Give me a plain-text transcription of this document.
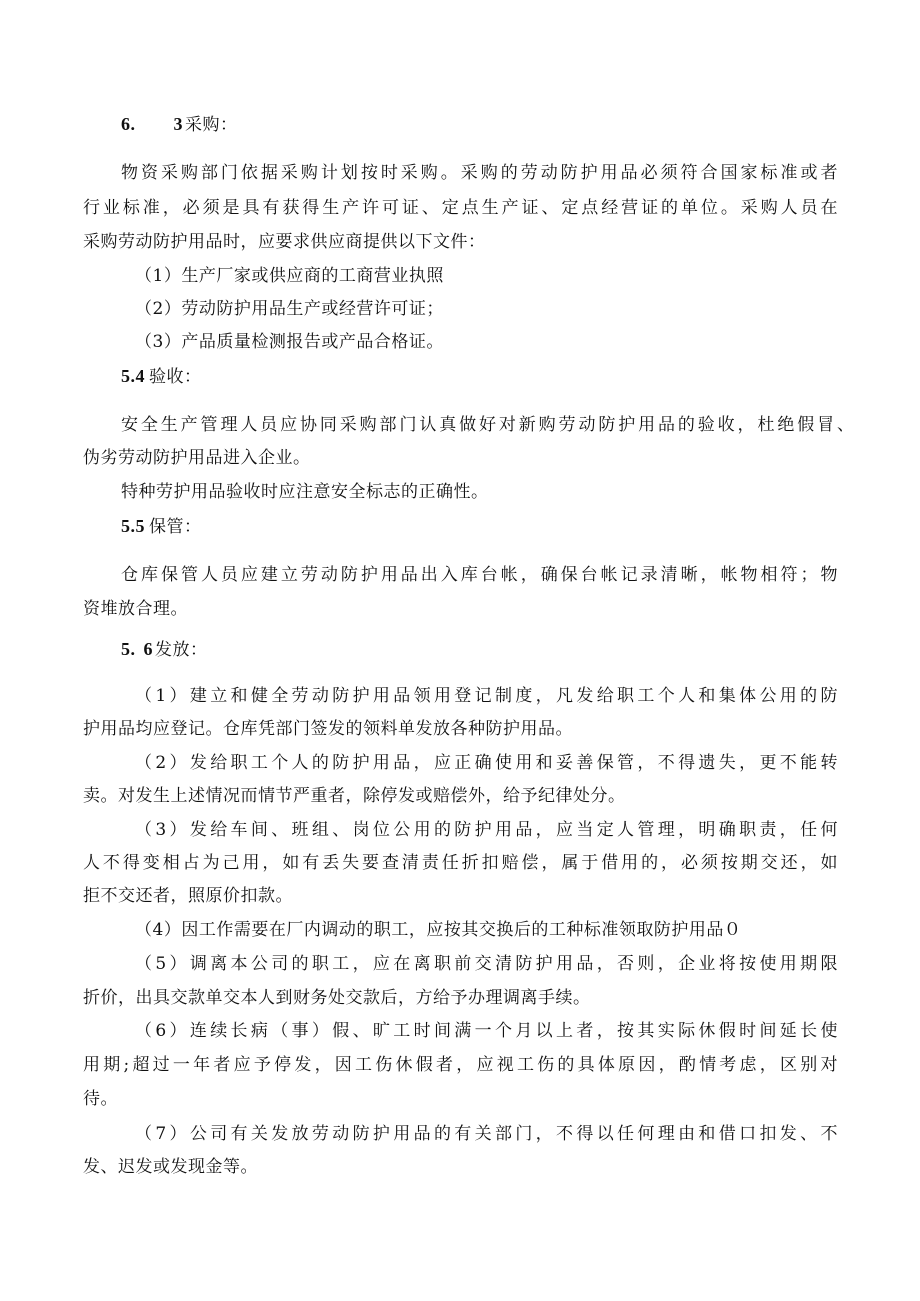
6. 3 采购：
物资采购部门依据采购计划按时采购。采购的劳动防护用品必须符合国家标准或者
行业标准，必须是具有获得生产许可证、定点生产证、定点经营证的单位。采购人员在
采购劳动防护用品时，应要求供应商提供以下文件：
（1）生产厂家或供应商的工商营业执照
（2）劳动防护用品生产或经营许可证；
（3）产品质量检测报告或产品合格证。
5.4 验收：
安全生产管理人员应协同采购部门认真做好对新购劳动防护用品的验收，杜绝假冒、
伪劣劳动防护用品进入企业。
特种劳护用品验收时应注意安全标志的正确性。
5.5 保管：
仓库保管人员应建立劳动防护用品出入库台帐，确保台帐记录清晰，帐物相符；物
资堆放合理。
5. 6 发放：
（1）建立和健全劳动防护用品领用登记制度，凡发给职工个人和集体公用的防
护用品均应登记。仓库凭部门签发的领料单发放各种防护用品。
（2）发给职工个人的防护用品，应正确使用和妥善保管，不得遗失，更不能转
卖。对发生上述情况而情节严重者，除停发或赔偿外，给予纪律处分。
（3）发给车间、班组、岗位公用的防护用品，应当定人管理，明确职责，任何
人不得变相占为己用，如有丢失要查清责任折扣赔偿，属于借用的，必须按期交还，如
拒不交还者，照原价扣款。
（4）因工作需要在厂内调动的职工，应按其交换后的工种标准领取防护用品０
（5）调离本公司的职工，应在离职前交清防护用品，否则，企业将按使用期限
折价，出具交款单交本人到财务处交款后，方给予办理调离手续。
（6）连续长病（事）假、旷工时间满一个月以上者，按其实际休假时间延长使
用期;超过一年者应予停发，因工伤休假者，应视工伤的具体原因，酌情考虑，区别对
待。
（7）公司有关发放劳动防护用品的有关部门，不得以任何理由和借口扣发、不
发、迟发或发现金等。
